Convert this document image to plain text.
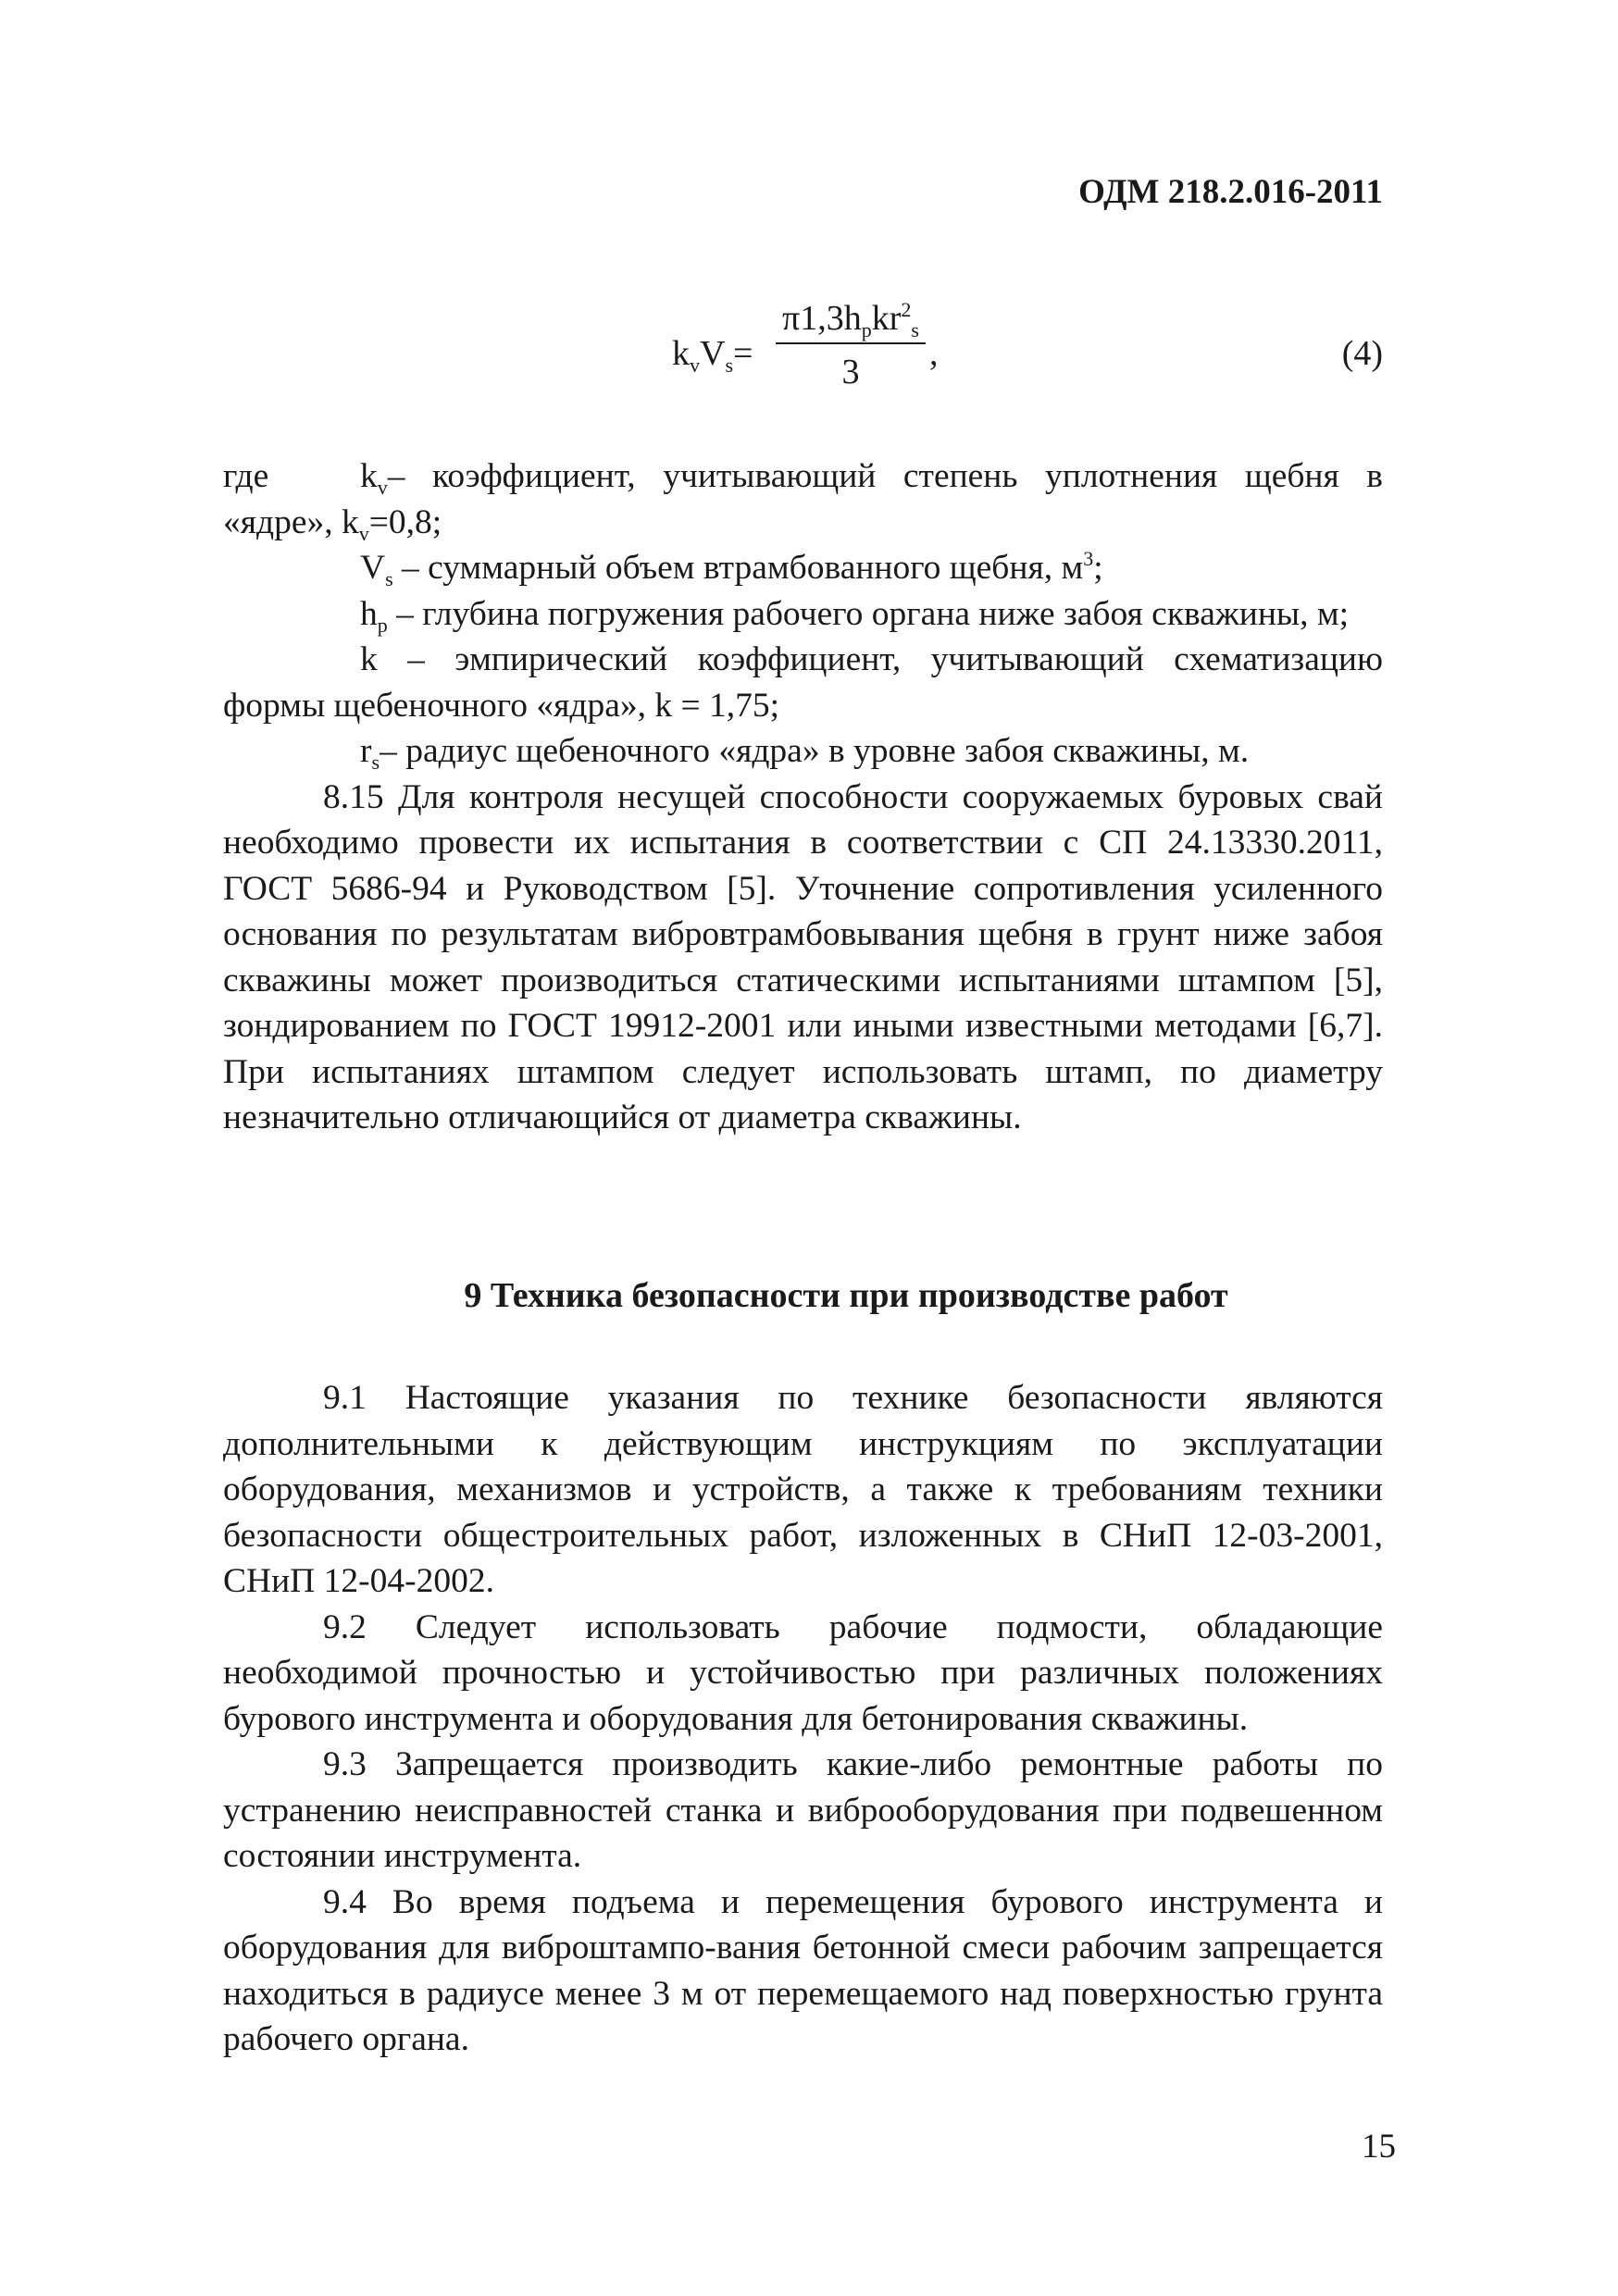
ОДМ 218.2.016-2011
$k_vV_s=$
$\pi 1,3h_pkr^2_s$
3	,	(4)

где	$k_v-$ коэффициент, учитывающий степень уплотнения щебня в «ядре», $k_v=0,8$;

$V_s$ – суммарный объем втрамбованного щебня, $м^3$;

$h_p$ – глубина погружения рабочего органа ниже забоя скважины, м;

k – эмпирический коэффициент, учитывающий схематизацию формы щебеночного «ядра», k = 1,75;

$r_s-$ радиус щебеночного «ядра» в уровне забоя скважины, м.

8.15 Для контроля несущей способности сооружаемых буровых свай необходимо провести их испытания в соответствии с СП 24.13330.2011, ГОСТ 5686-94 и Руководством [5]. Уточнение сопротивления усиленного основания по результатам вибровтрамбовывания щебня в грунт ниже забоя скважины может производиться статическими испытаниями штампом [5], зондированием по ГОСТ 19912-2001 или иными известными методами [6,7]. При испытаниях штампом следует использовать штамп, по диаметру незначительно отличающийся от диаметра скважины.

9 Техника безопасности при производстве работ

9.1 Настоящие указания по технике безопасности являются дополнительными к действующим инструкциям по эксплуатации оборудования, механизмов и устройств, а также к требованиям техники безопасности общестроительных работ, изложенных в СНиП 12-03-2001, СНиП 12-04-2002.

9.2 Следует использовать рабочие подмости, обладающие необходимой прочностью и устойчивостью при различных положениях бурового инструмента и оборудования для бетонирования скважины.

9.3 Запрещается производить какие-либо ремонтные работы по устранению неисправностей станка и виброоборудования при подвешенном состоянии инструмента.

9.4 Во время подъема и перемещения бурового инструмента и оборудования для виброштампо-вания бетонной смеси рабочим запрещается находиться в радиусе менее 3 м от перемещаемого над поверхностью грунта рабочего органа.

15
